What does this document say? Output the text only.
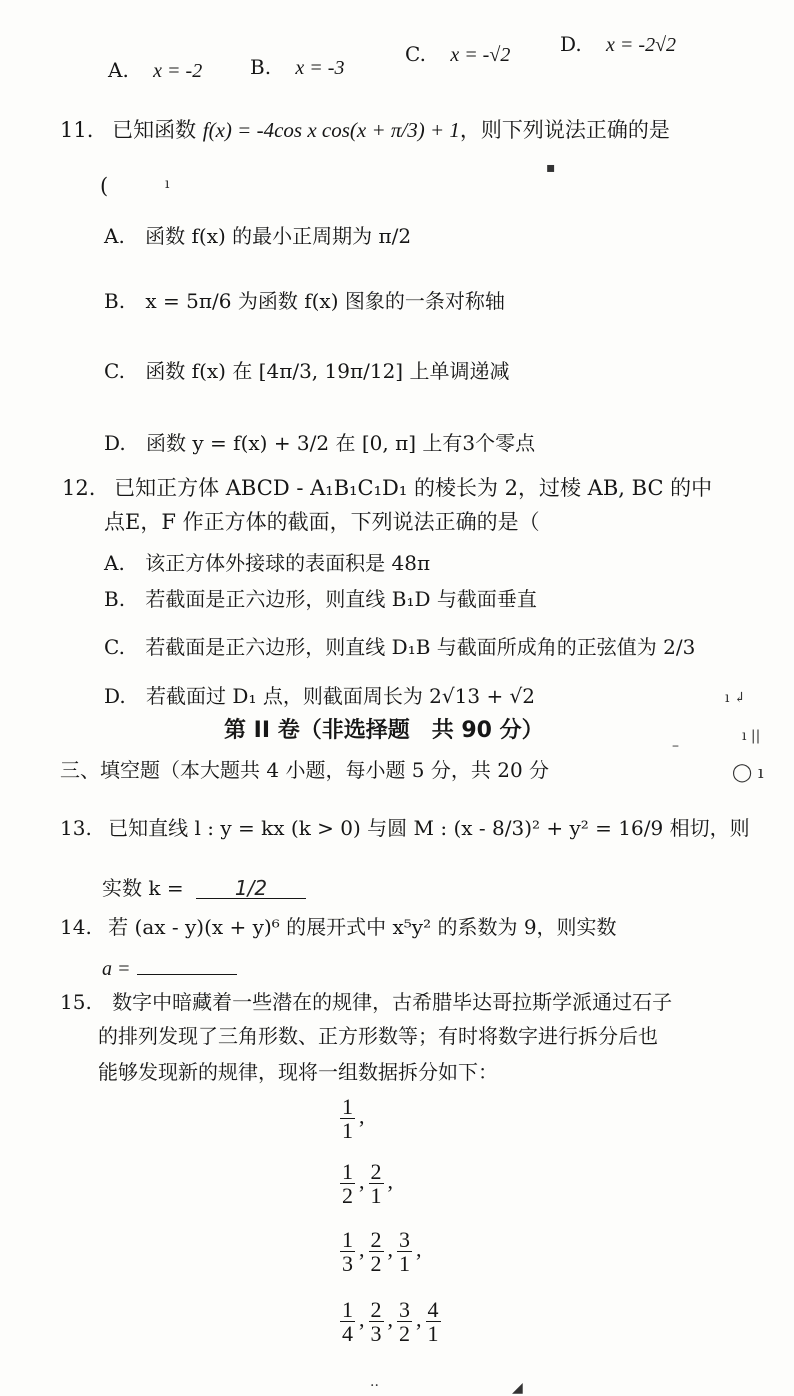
A. x = -2 B. x = -3
C. x = -√2 D. x = -2√2
11. 已知函数 f(x) = -4cos x cos(x + π/3) + 1，则下列说法正确的是
(
A. 函数 f(x) 的最小正周期为 π/2
B. x = 5π/6 为函数 f(x) 图象的一条对称轴
C. 函数 f(x) 在 [4π/3, 19π/12] 上单调递减
D. 函数 y = f(x) + 3/2 在 [0, π] 上有3个零点
12. 已知正方体 ABCD - A₁B₁C₁D₁ 的棱长为 2，过棱 AB, BC 的中
点E，F 作正方体的截面，下列说法正确的是（
A. 该正方体外接球的表面积是 48π
B. 若截面是正六边形，则直线 B₁D 与截面垂直
C. 若截面是正六边形，则直线 D₁B 与截面所成角的正弦值为 2/3
D. 若截面过 D₁ 点，则截面周长为 2√13 + √2
第 II 卷（非选择题　共 90 分）
三、填空题（本大题共 4 小题，每小题 5 分，共 20 分
13. 已知直线 l : y = kx (k > 0) 与圆 M : (x - 8/3)² + y² = 16/9 相切，则
实数 k =	1/2
14. 若 (ax - y)(x + y)⁶ 的展开式中 x⁵y² 的系数为 9，则实数
a =
15. 数字中暗藏着一些潜在的规律，古希腊毕达哥拉斯学派通过石子
的排列发现了三角形数、正方形数等；有时将数字进行拆分后也
能够发现新的规律，现将一组数据拆分如下：
$\frac{1}{1}$ ,
$\frac{1}{2}$ , $\frac{2}{1}$ ,
$\frac{1}{3}$ , $\frac{2}{2}$ , $\frac{3}{1}$ ,
$\frac{1}{4}$ , $\frac{2}{3}$ , $\frac{3}{2}$ , $\frac{4}{1}$
▪
ı
ı ↲
ı ||
–
◯ ı
◢
··
